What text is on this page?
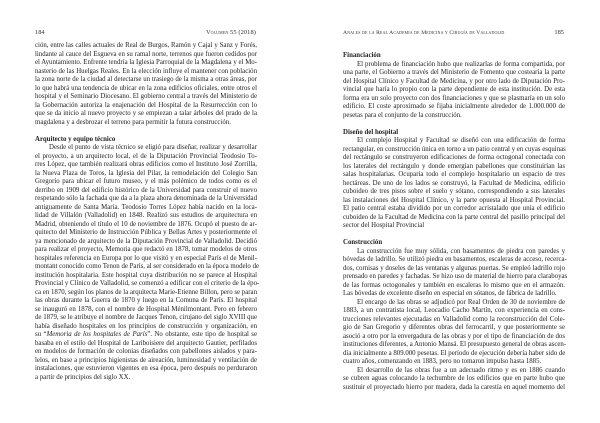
184	Volumen 55 (2018)
ción, entre las calles actuales de Real de Burgos, Ramón y Cajal y Sanz y Forés,
lindante al cauce del Esgueva en su ramal norte, terrenos que fueron cedidos por
el Ayuntamiento. Enfrente tendría la Iglesia Parroquial de la Magdalena y el Mo-
nasterio de las Huelgas Reales. En la elección influye el mantener con población
la zona norte de la ciudad al detectarse un trasiego de la misma a otras áreas, por
lo que habrá una tendencia de ubicar en la zona edificios oficiales, entre otros el
hospital y el Seminario Diocesano. El gobierno central a través del Ministerio de
la Gobernación autoriza la enajenación del Hospital de la Resurrección con lo
que se da inicio al nuevo proyecto y se empiezan a talar árboles del prado de la
magdalena y a desbrozar el terreno para permitir la futura construcción.
Arquitecto y equipo técnico
Desde el punto de vista técnico se eligió para diseñar, realizar y desarrollar
el proyecto, a un arquitecto local, el de la Diputación Provincial Teodosio To-
rres López, que también realizará obras edificios como el Instituto José Zorrilla,
la Nueva Plaza de Toros, la Iglesia del Pilar, la remodelación del Colegio San
Gregorio para ubicar el futuro museo, y el más polémico de todos como es el
derribo en 1909 del edificio histórico de la Universidad para construir el nuevo
respetando sólo la fachada que da a la plaza ahora denominada de la Universidad
antiguamente de Santa María. Teodosio Torres López había nacido en la loca-
lidad de Villalón (Valladolid) en 1848. Realizó sus estudios de arquitectura en
Madrid, obteniendo el título el 10 de noviembre de 1876. Ocupó el puesto de ar-
quitecto del Ministerio de Instrucción Pública y Bellas Artes y posteriormente el
ya mencionado de arquitecto de la Diputación Provincial de Valladolid. Decidió
para realizar el proyecto, Memoria que redactó en 1878, tomar modelos de otros
hospitales referencia en Europa por lo que visitó y en especial París el de Menil-
montant conocido como Tenon de París, al ser considerado en la época modelo de
institución hospitalaria. Este hospital cuya distribución no se parece al Hospital
Provincial y Clínico de Valladolid, se comenzó a edificar con el criterio de la épo-
ca en 1870, según los planos de la arquitecta Marie-Etienne Billon, pero se paran
las obras durante la Guerra de 1870 y luego en la Comuna de París. El hospital
se inauguró en 1878, con el nombre de Hospital Ménilmontant. Pero en febrero
de 1879, se le atribuye el nombre de Jacques Tenon, cirujano del siglo XVIII que
había diseñado hospitales en los principios de construcción y organización, en
su “Memoria de los hospitales de París”. No obstante, este tipo de hospital se
basaba en el estilo del Hospital de Lariboisiere del arquitecto Gautier, perfilados
en modelos de formación de colonias diseñados con pabellones aislados y para-
lelos, en base a principios higienistas de aireación, luminosidad y ventilación de
instalaciones, que estuvieron vigentes en esa época, pero después no perduraron
a partir de principios del siglo XX.
Anales de la Real Academia de Medicina y Cirugía de Valladolid	185
Financiación
El problema de financiación hubo que realizarlas de forma compartida, por
una parte, el Gobierno a través del Ministerio de Fomento que costearía la parte
del Hospital Clínico y Facultad de Medicina, y por otro lado de Diputación Pro-
vincial que haría lo propio con la parte dependiente de esta institución. De esta
forma era un solo proyecto con dos financiaciones y que se plasmaría en un solo
edificio. El coste aproximado se fijaba inicialmente alrededor de 1.000.000 de
pesetas para el conjunto de la construcción.
Diseño del hospital
El complejo Hospital y Facultad se diseñó con una edificación de forma
rectangular, en construcción única en torno a un patio central y en cuyas esquinas
del rectángulo se construyeron edificaciones de forma octogonal conectada con
los laterales del rectángulo y donde emergían pabellones que constituirían las
salas hospitalarias. Ocuparía todo el complejo hospitalario un espacio de tres
hectáreas. De uno de los lados se construyó, la Facultad de Medicina, edificio
cuboideo de tres pisos sobre el suelo y sótano, correspondiendo a sus laterales
las instalaciones del Hospital Clínico, y la parte opuesta al Hospital Provincial.
El patio central estaba dividido por un corredor acristalado que unía el edificio
cuboideo de la Facultad de Medicina con la parte central del pasillo principal del
sector del Hospital Provincial
Construcción
La construcción fue muy sólida, con basamentos de piedra con paredes y
bóvedas de ladrillo. Se utilizó piedra en basamentos, escaleras de acceso, recerca-
dos, cornisas y doseles de las ventanas y algunas puertas. Se empleó ladrillo rojo
prensado en paredes y fachadas. Se hizo uso de material de hierro para claraboyas
de las formas octogonales y también en escaleras lo mismo que en el armazón.
Las bóvedas de excelente diseño en especial en sótanos, de fábrica de ladrillo.
El encargo de las obras se adjudicó por Real Orden de 30 de noviembre de
1883, a un contratista local, Leocadio Cacho Martín, con experiencia en cons-
trucciones relevantes ejecutadas en Valladolid como la reconstrucción del Cole-
gio de San Gregorio y diferentes obras del ferrocarril, y que posteriormente se
asoció a otro por la envergadura de las obras y por el tipo de financiación de dos
instituciones diferentes, a Antonio Mansá. El presupuesto general de obras ascen-
día inicialmente a 809.000 pesetas. El período de ejecución debería haber sido de
cuatro años, comenzando en 1883, pero no tomaron impulso hasta 1885.
El desarrollo de las obras fue a un adecuado ritmo y es en 1886 cuando
se cubren aguas colocando la techumbre de los edificios que en parte hubo que
sustituir el proyectado hierro por madera, dada la carestía en aquel momento del
